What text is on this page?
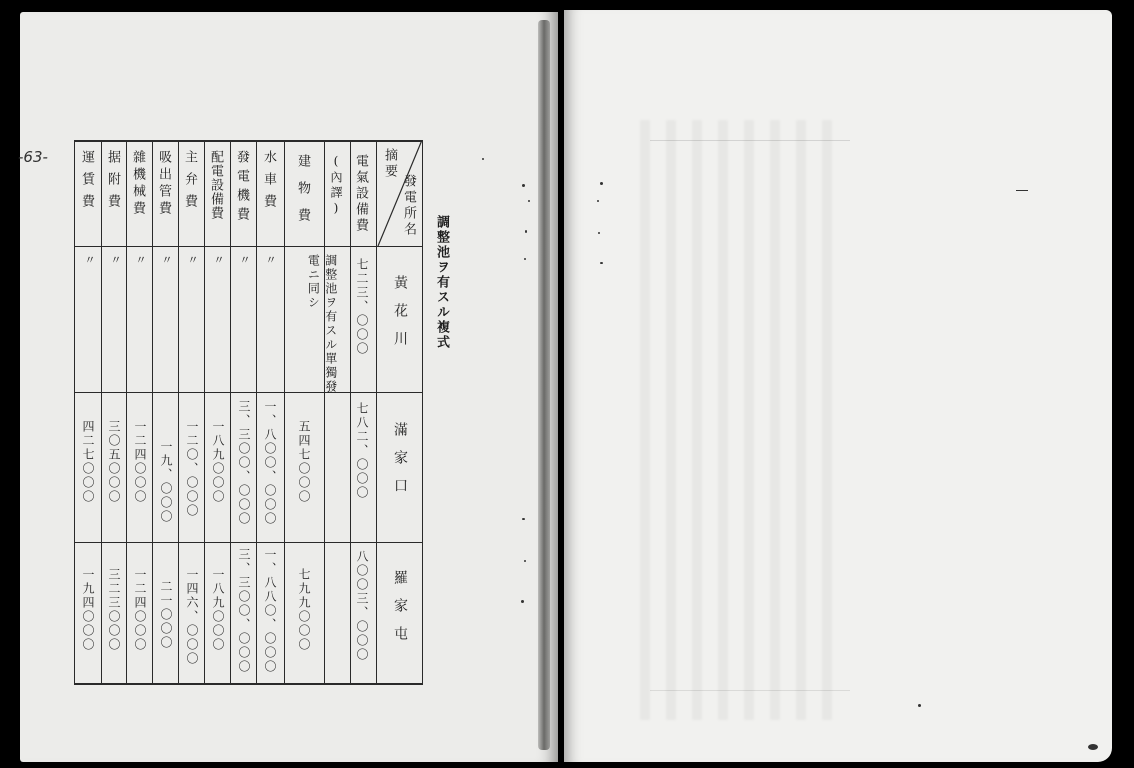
-63-
調整池ヲ有スル複式
發電所名
摘要
電氣設備費
(內譯)
建物費
水車費
發電機費
配電設備費
主弁費
吸出管費
雜機械費
据附費
運賃費
黃花川
七二三、〇〇〇
調整池ヲ有スル單獨發電ニ同シ
〃
〃
〃
〃
〃
〃
〃
〃
滿家口
七八二、〇〇〇
五四七〇〇〇
一、八〇〇、〇〇〇
三、三〇〇、〇〇〇
一八九〇〇〇
一二〇、〇〇〇
一九、〇〇〇
一二四〇〇〇
三〇五〇〇〇
四二七〇〇〇
羅家屯
八〇〇三、〇〇〇
七九九〇〇〇
一、八八〇、〇〇〇
三、三〇〇、〇〇〇
一八九〇〇〇
一四六、〇〇〇
二一〇〇〇
一二四〇〇〇
三二三〇〇〇
一九四〇〇〇
